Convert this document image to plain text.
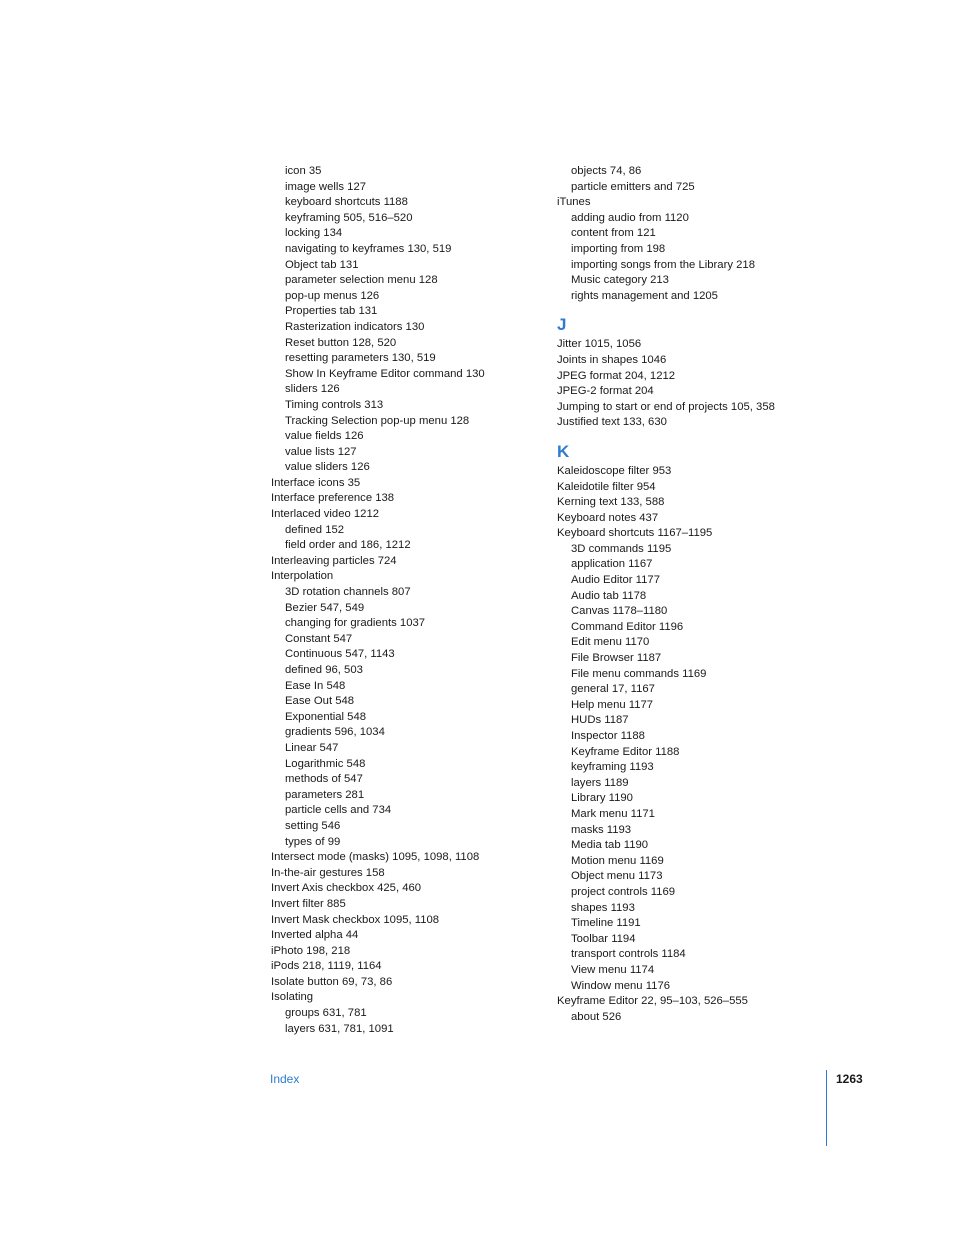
icon 35
image wells 127
keyboard shortcuts 1188
keyframing 505, 516–520
locking 134
navigating to keyframes 130, 519
Object tab 131
parameter selection menu 128
pop-up menus 126
Properties tab 131
Rasterization indicators 130
Reset button 128, 520
resetting parameters 130, 519
Show In Keyframe Editor command 130
sliders 126
Timing controls 313
Tracking Selection pop-up menu 128
value fields 126
value lists 127
value sliders 126
Interface icons 35
Interface preference 138
Interlaced video 1212
defined 152
field order and 186, 1212
Interleaving particles 724
Interpolation
3D rotation channels 807
Bezier 547, 549
changing for gradients 1037
Constant 547
Continuous 547, 1143
defined 96, 503
Ease In 548
Ease Out 548
Exponential 548
gradients 596, 1034
Linear 547
Logarithmic 548
methods of 547
parameters 281
particle cells and 734
setting 546
types of 99
Intersect mode (masks) 1095, 1098, 1108
In-the-air gestures 158
Invert Axis checkbox 425, 460
Invert filter 885
Invert Mask checkbox 1095, 1108
Inverted alpha 44
iPhoto 198, 218
iPods 218, 1119, 1164
Isolate button 69, 73, 86
Isolating
groups 631, 781
layers 631, 781, 1091
objects 74, 86
particle emitters and 725
iTunes
adding audio from 1120
content from 121
importing from 198
importing songs from the Library 218
Music category 213
rights management and 1205
J
Jitter 1015, 1056
Joints in shapes 1046
JPEG format 204, 1212
JPEG-2 format 204
Jumping to start or end of projects 105, 358
Justified text 133, 630
K
Kaleidoscope filter 953
Kaleidotile filter 954
Kerning text 133, 588
Keyboard notes 437
Keyboard shortcuts 1167–1195
3D commands 1195
application 1167
Audio Editor 1177
Audio tab 1178
Canvas 1178–1180
Command Editor 1196
Edit menu 1170
File Browser 1187
File menu commands 1169
general 17, 1167
Help menu 1177
HUDs 1187
Inspector 1188
Keyframe Editor 1188
keyframing 1193
layers 1189
Library 1190
Mark menu 1171
masks 1193
Media tab 1190
Motion menu 1169
Object menu 1173
project controls 1169
shapes 1193
Timeline 1191
Toolbar 1194
transport controls 1184
View menu 1174
Window menu 1176
Keyframe Editor 22, 95–103, 526–555
about 526
Index	1263
